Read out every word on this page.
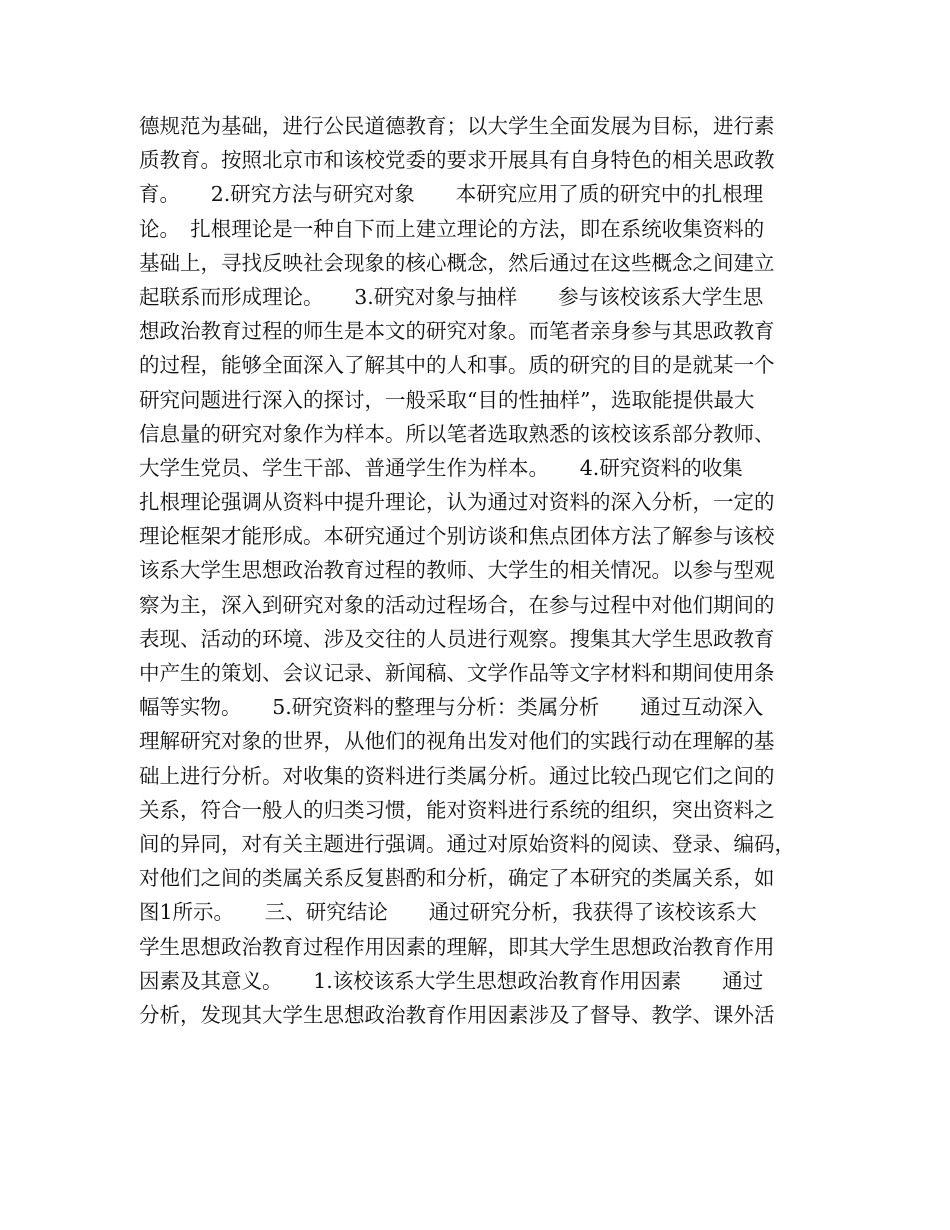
德规范为基础，进行公民道德教育；以大学生全面发展为目标，进行素
质教育。按照北京市和该校党委的要求开展具有自身特色的相关思政教
育。　　2.研究方法与研究对象　　本研究应用了质的研究中的扎根理
论。　扎根理论是一种自下而上建立理论的方法，即在系统收集资料的
基础上，寻找反映社会现象的核心概念，然后通过在这些概念之间建立
起联系而形成理论。　　3.研究对象与抽样　　参与该校该系大学生思
想政治教育过程的师生是本文的研究对象。而笔者亲身参与其思政教育
的过程，能够全面深入了解其中的人和事。质的研究的目的是就某一个
研究问题进行深入的探讨，一般采取“目的性抽样”，选取能提供最大
信息量的研究对象作为样本。所以笔者选取熟悉的该校该系部分教师、
大学生党员、学生干部、普通学生作为样本。　　4.研究资料的收集
扎根理论强调从资料中提升理论，认为通过对资料的深入分析，一定的
理论框架才能形成。本研究通过个别访谈和焦点团体方法了解参与该校
该系大学生思想政治教育过程的教师、大学生的相关情况。以参与型观
察为主，深入到研究对象的活动过程场合，在参与过程中对他们期间的
表现、活动的环境、涉及交往的人员进行观察。搜集其大学生思政教育
中产生的策划、会议记录、新闻稿、文学作品等文字材料和期间使用条
幅等实物。　　5.研究资料的整理与分析：类属分析　　通过互动深入
理解研究对象的世界，从他们的视角出发对他们的实践行动在理解的基
础上进行分析。对收集的资料进行类属分析。通过比较凸现它们之间的
关系，符合一般人的归类习惯，能对资料进行系统的组织，突出资料之
间的异同，对有关主题进行强调。通过对原始资料的阅读、登录、编码，
对他们之间的类属关系反复斟酌和分析，确定了本研究的类属关系，如
图1所示。　　三、研究结论　　通过研究分析，我获得了该校该系大
学生思想政治教育过程作用因素的理解，即其大学生思想政治教育作用
因素及其意义。　　1.该校该系大学生思想政治教育作用因素　　通过
分析，发现其大学生思想政治教育作用因素涉及了督导、教学、课外活
